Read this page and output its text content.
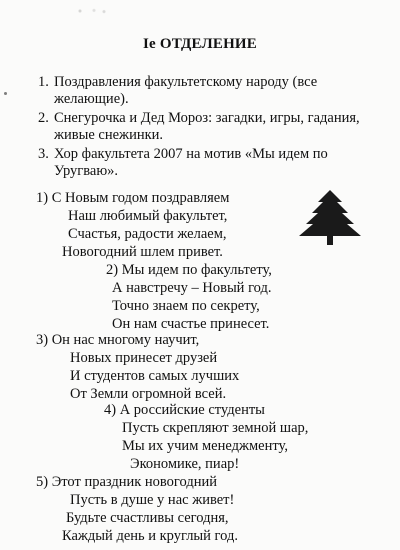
Iе ОТДЕЛЕНИЕ
1. Поздравления факультетскому народу (все желающие).
2. Снегурочка и Дед Мороз: загадки, игры, гадания, живые снежинки.
3. Хор факультета 2007 на мотив «Мы идем по Уругваю».
1) С Новым годом поздравляем
Наш любимый факультет,
Счастья, радости желаем,
Новогодний шлем привет.
2) Мы идем по факультету,
А навстречу – Новый год.
Точно знаем по секрету,
Он нам счастье принесет.
3) Он нас многому научит,
Новых принесет друзей
И студентов самых лучших
От Земли огромной всей.
4) А российские студенты
Пусть скрепляют земной шар,
Мы их учим менеджменту,
Экономике, пиар!
5) Этот праздник новогодний
Пусть в душе у нас живет!
Будьте счастливы сегодня,
Каждый день и круглый год.
